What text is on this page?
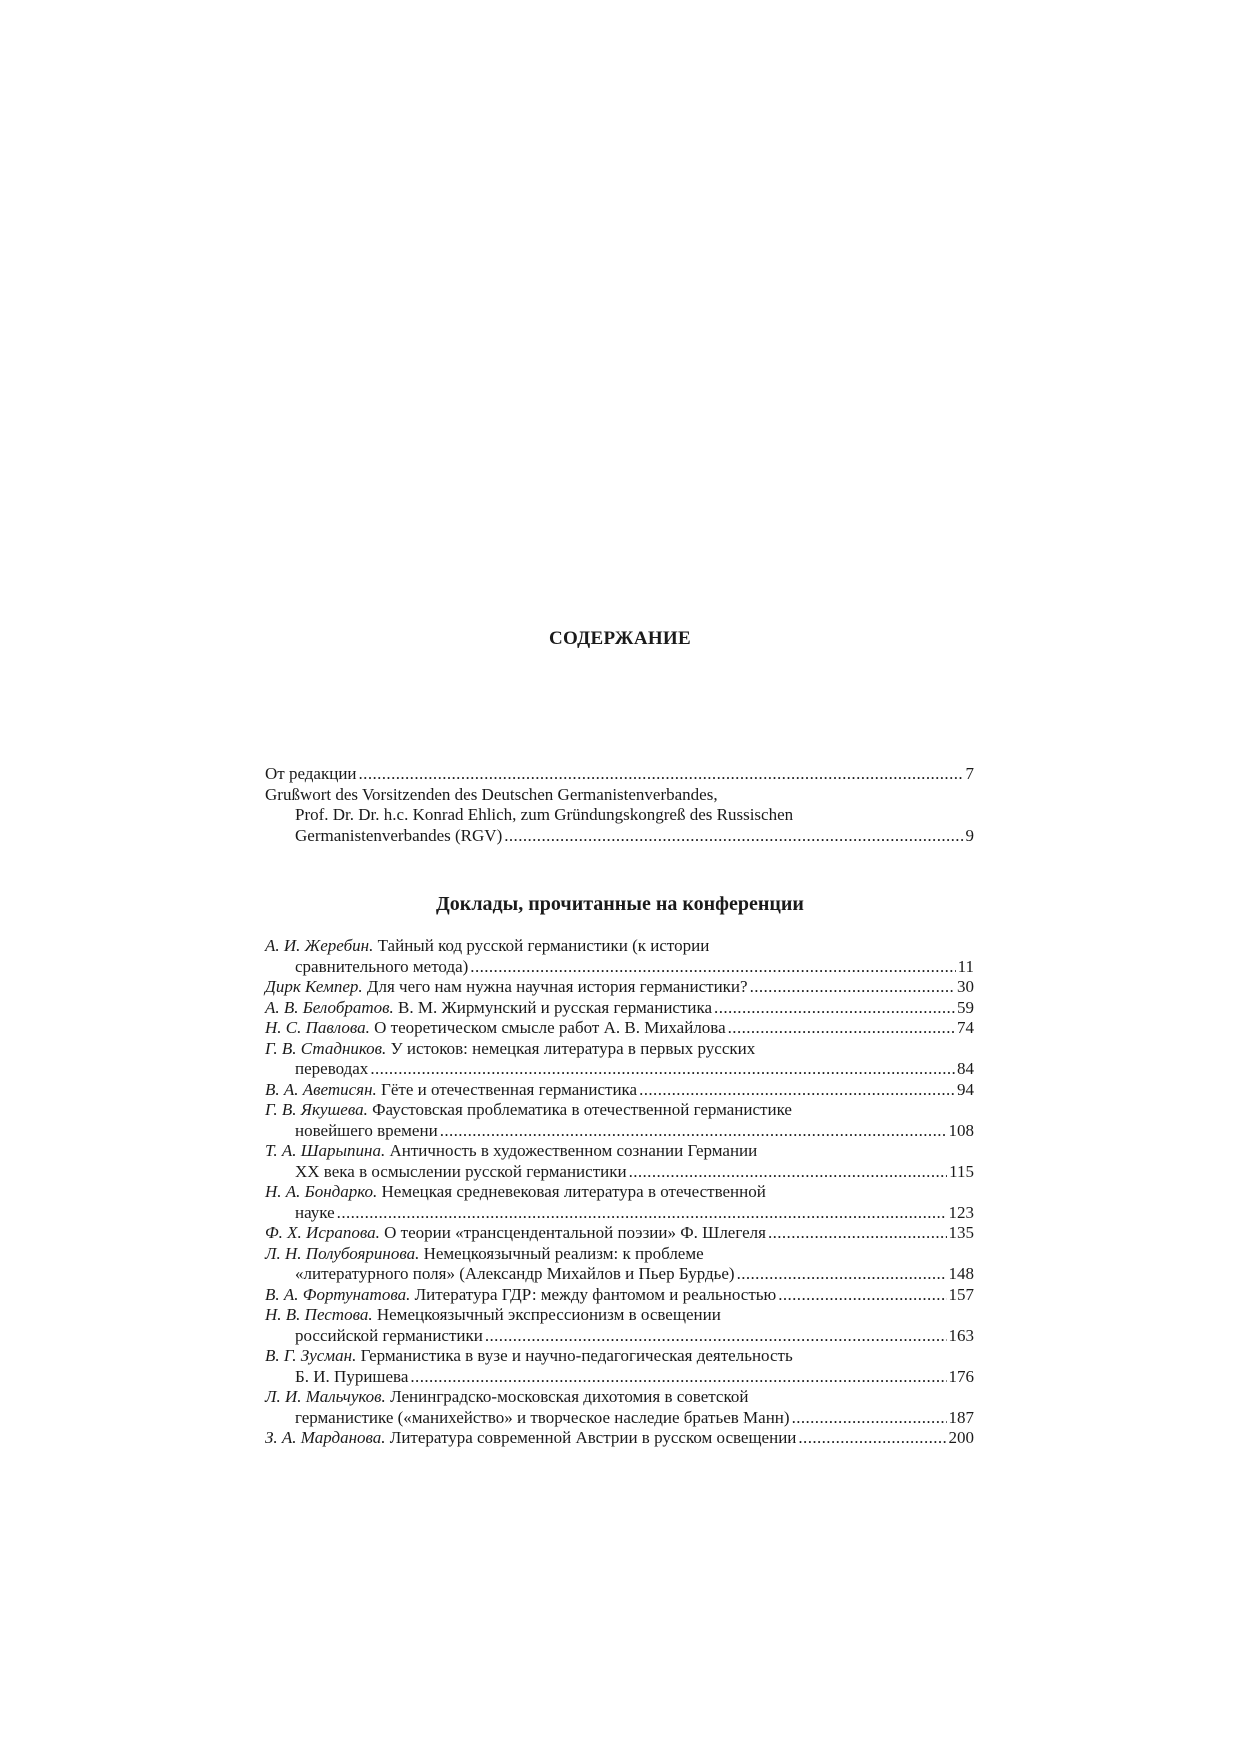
СОДЕРЖАНИЕ
От редакции .....	7
Grußwort des Vorsitzenden des Deutschen Germanistenverbandes,
Prof. Dr. Dr. h.c. Konrad Ehlich, zum Gründungskongreß des Russischen
Germanistenverbandes (RGV) .....	9
Доклады, прочитанные на конференции
А. И. Жеребин. Тайный код русской германистики (к истории
сравнительного метода) .....	11
Дирк Кемпер. Для чего нам нужна научная история германистики? .....	30
А. В. Белобратов. В. М. Жирмунский и русская германистика .....	59
Н. С. Павлова. О теоретическом смысле работ А. В. Михайлова .....	74
Г. В. Стадников. У истоков: немецкая литература в первых русских
переводах .....	84
В. А. Аветисян. Гёте и отечественная германистика .....	94
Г. В. Якушева. Фаустовская проблематика в отечественной германистике
новейшего времени .....	108
Т. А. Шарыпина. Античность в художественном сознании Германии
XX века в осмыслении русской германистики .....	115
Н. А. Бондарко. Немецкая средневековая литература в отечественной
науке .....	123
Ф. Х. Исрапова. О теории «трансцендентальной поэзии» Ф. Шлегеля .....	135
Л. Н. Полубояринова. Немецкоязычный реализм: к проблеме
«литературного поля» (Александр Михайлов и Пьер Бурдье) .....	148
В. А. Фортунатова. Литература ГДР: между фантомом и реальностью .....	157
Н. В. Пестова. Немецкоязычный экспрессионизм в освещении
российской германистики .....	163
В. Г. Зусман. Германистика в вузе и научно-педагогическая деятельность
Б. И. Пуришева .....	176
Л. И. Мальчуков. Ленинградско-московская дихотомия в советской
германистике («манихейство» и творческое наследие братьев Манн) .....	187
З. А. Марданова. Литература современной Австрии в русском освещении .....	200
